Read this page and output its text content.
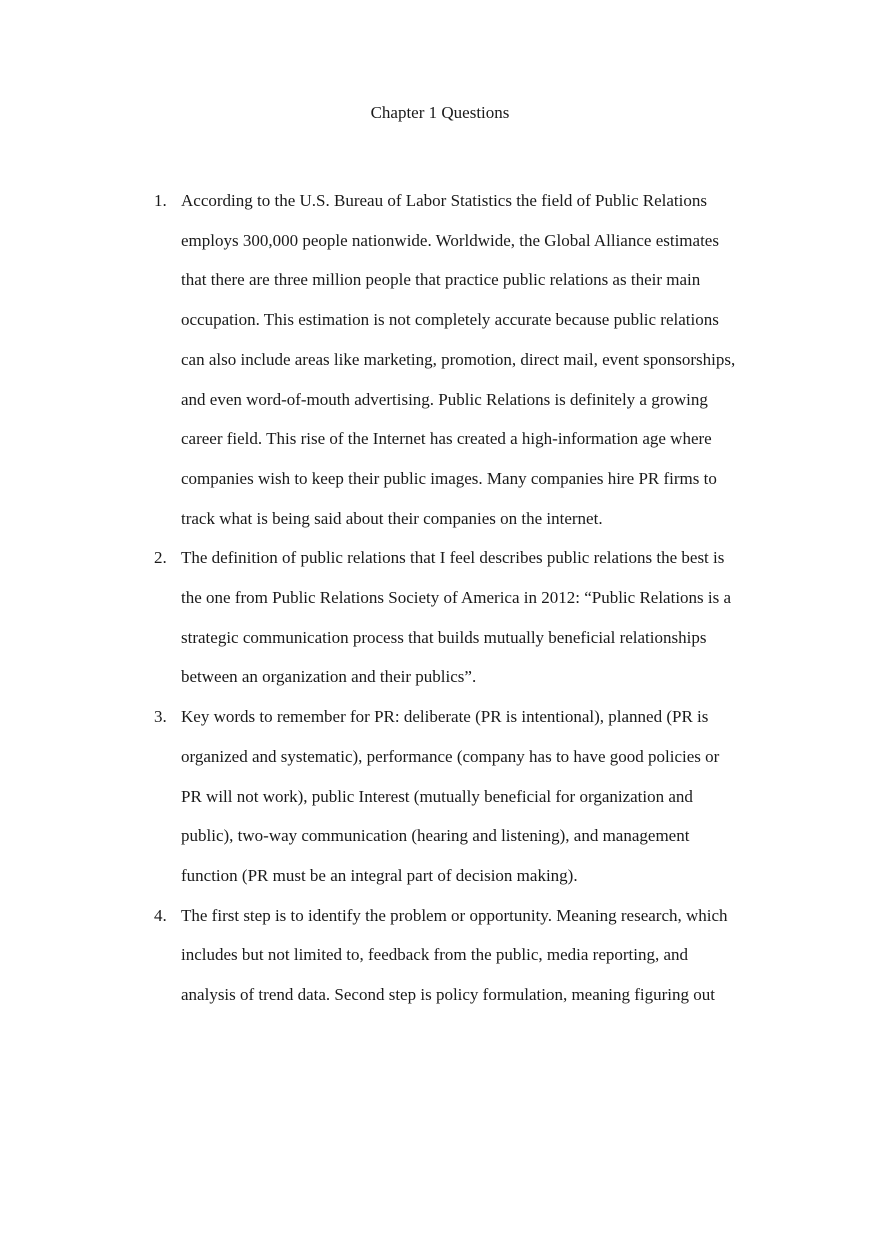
Chapter 1 Questions
1. According to the U.S. Bureau of Labor Statistics the field of Public Relations
employs 300,000 people nationwide. Worldwide, the Global Alliance estimates
that there are three million people that practice public relations as their main
occupation. This estimation is not completely accurate because public relations
can also include areas like marketing, promotion, direct mail, event sponsorships,
and even word-of-mouth advertising. Public Relations is definitely a growing
career field. This rise of the Internet has created a high-information age where
companies wish to keep their public images. Many companies hire PR firms to
track what is being said about their companies on the internet.
2. The definition of public relations that I feel describes public relations the best is
the one from Public Relations Society of America in 2012: “Public Relations is a
strategic communication process that builds mutually beneficial relationships
between an organization and their publics”.
3. Key words to remember for PR: deliberate (PR is intentional), planned (PR is
organized and systematic), performance (company has to have good policies or
PR will not work), public Interest (mutually beneficial for organization and
public), two-way communication (hearing and listening), and management
function (PR must be an integral part of decision making).
4. The first step is to identify the problem or opportunity. Meaning research, which
includes but not limited to, feedback from the public, media reporting, and
analysis of trend data. Second step is policy formulation, meaning figuring out
